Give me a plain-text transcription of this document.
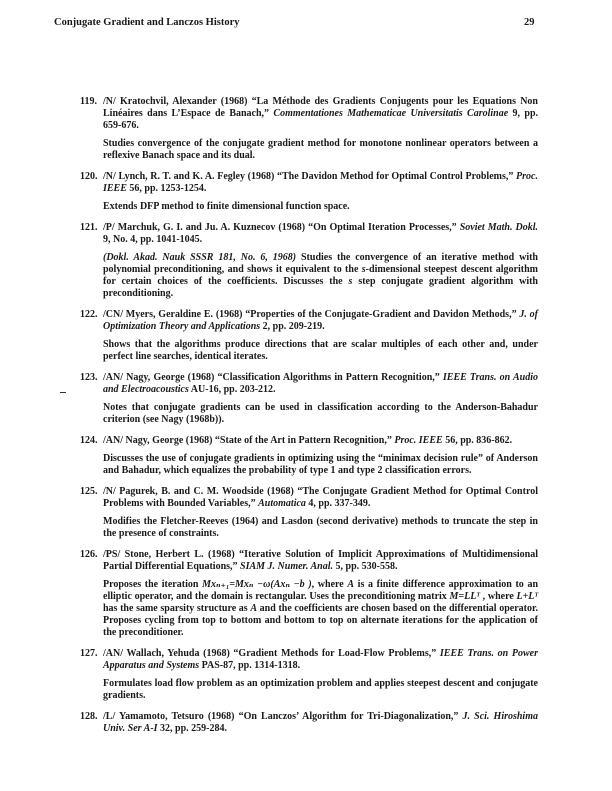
Conjugate Gradient and Lanczos History	29
119. /N/ Kratochvil, Alexander (1968) “La Méthode des Gradients Conjugents pour les Equations Non Linéaires dans L’Espace de Banach,” Commentationes Mathematicae Universitatis Carolinae 9, pp. 659-676.
Studies convergence of the conjugate gradient method for monotone nonlinear operators between a reflexive Banach space and its dual.
120. /N/ Lynch, R. T. and K. A. Fegley (1968) “The Davidon Method for Optimal Control Problems,” Proc. IEEE 56, pp. 1253-1254.
Extends DFP method to finite dimensional function space.
121. /P/ Marchuk, G. I. and Ju. A. Kuznecov (1968) “On Optimal Iteration Processes,” Soviet Math. Dokl. 9, No. 4, pp. 1041-1045.
(Dokl. Akad. Nauk SSSR 181, No. 6, 1968) Studies the convergence of an iterative method with polynomial preconditioning, and shows it equivalent to the s-dimensional steepest descent algorithm for certain choices of the coefficients. Discusses the s step conjugate gradient algorithm with preconditioning.
122. /CN/ Myers, Geraldine E. (1968) “Properties of the Conjugate-Gradient and Davidon Methods,” J. of Optimization Theory and Applications 2, pp. 209-219.
Shows that the algorithms produce directions that are scalar multiples of each other and, under perfect line searches, identical iterates.
123. /AN/ Nagy, George (1968) “Classification Algorithms in Pattern Recognition,” IEEE Trans. on Audio and Electroacoustics AU-16, pp. 203-212.
Notes that conjugate gradients can be used in classification according to the Anderson-Bahadur criterion (see Nagy (1968b)).
124. /AN/ Nagy, George (1968) “State of the Art in Pattern Recognition,” Proc. IEEE 56, pp. 836-862.
Discusses the use of conjugate gradients in optimizing using the “minimax decision rule” of Anderson and Bahadur, which equalizes the probability of type 1 and type 2 classification errors.
125. /N/ Pagurek, B. and C. M. Woodside (1968) “The Conjugate Gradient Method for Optimal Control Problems with Bounded Variables,” Automatica 4, pp. 337-349.
Modifies the Fletcher-Reeves (1964) and Lasdon (second derivative) methods to truncate the step in the presence of constraints.
126. /PS/ Stone, Herbert L. (1968) “Iterative Solution of Implicit Approximations of Multidimensional Partial Differential Equations,” SIAM J. Numer. Anal. 5, pp. 530-558.
Proposes the iteration Mxₙ₊₁=Mxₙ −ω(Axₙ −b ), where A is a finite difference approximation to an elliptic operator, and the domain is rectangular. Uses the preconditioning matrix M=LLᵀ , where L+Lᵀ has the same sparsity structure as A and the coefficients are chosen based on the differential operator. Proposes cycling from top to bottom and bottom to top on alternate iterations for the application of the preconditioner.
127. /AN/ Wallach, Yehuda (1968) “Gradient Methods for Load-Flow Problems,” IEEE Trans. on Power Apparatus and Systems PAS-87, pp. 1314-1318.
Formulates load flow problem as an optimization problem and applies steepest descent and conjugate gradients.
128. /L/ Yamamoto, Tetsuro (1968) “On Lanczos’ Algorithm for Tri-Diagonalization,” J. Sci. Hiroshima Univ. Ser A-I 32, pp. 259-284.
